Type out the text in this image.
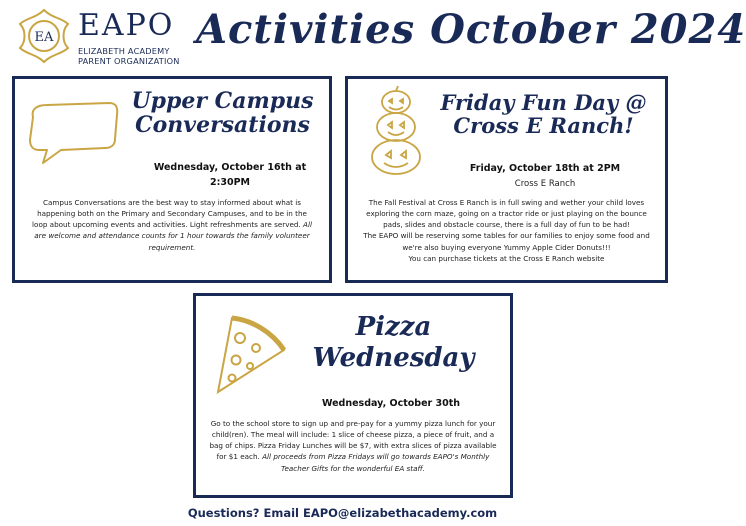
EA EAPO
ELIZABETH ACADEMY
PARENT ORGANIZATION
Activities October 2024
Upper Campus
Conversations
Wednesday, October 16th at
2:30PM
Campus Conversations are the best way to stay informed about what is happening both on the Primary and Secondary Campuses, and to be in the loop about upcoming events and activities. Light refreshments are served. All are welcome and attendance counts for 1 hour towards the family volunteer requirement.
Friday Fun Day @
Cross E Ranch!
Friday, October 18th at 2PM
Cross E Ranch
The Fall Festival at Cross E Ranch is in full swing and wether your child loves exploring the corn maze, going on a tractor ride or just playing on the bounce pads, slides and obstacle course, there is a full day of fun to be had!
The EAPO will be reserving some tables for our families to enjoy some food and we're also buying everyone Yummy Apple Cider Donuts!!!
You can purchase tickets at the Cross E Ranch website
Pizza
Wednesday
Wednesday, October 30th
Go to the school store to sign up and pre-pay for a yummy pizza lunch for your child(ren). The meal will include: 1 slice of cheese pizza, a piece of fruit, and a bag of chips. Pizza Friday Lunches will be $7, with extra slices of pizza available for $1 each. All proceeds from Pizza Fridays will go towards EAPO's Monthly Teacher Gifts for the wonderful EA staff.
Questions? Email EAPO@elizabethacademy.com
